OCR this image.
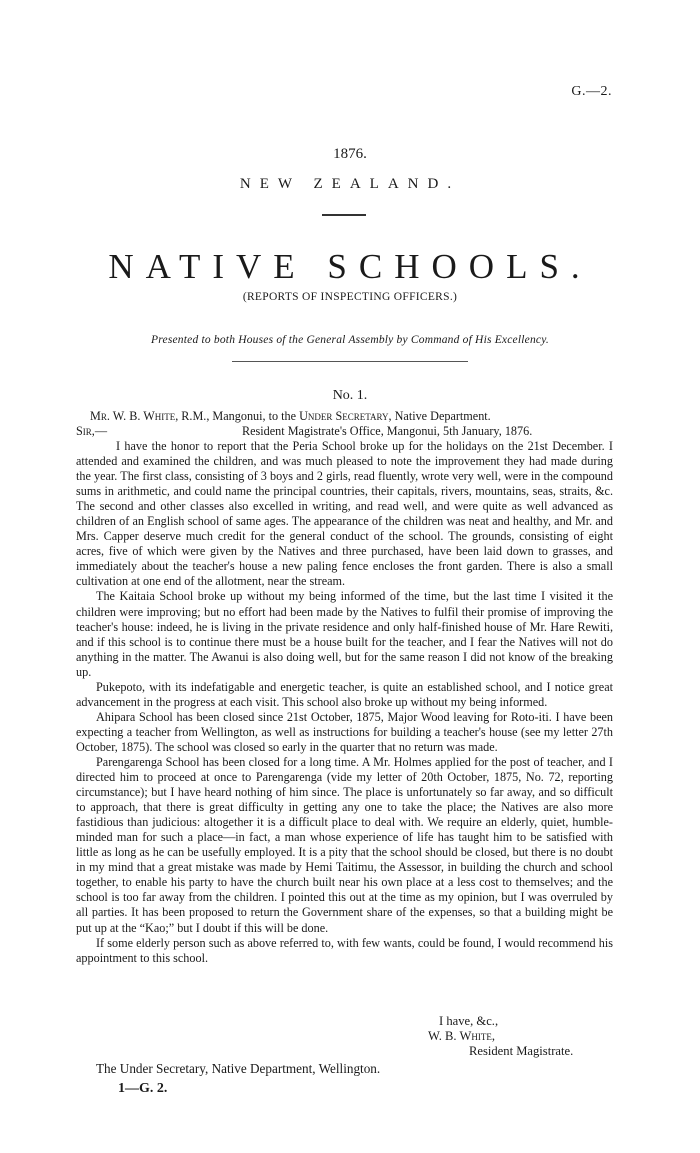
G.—2.
1876.
NEW ZEALAND.
NATIVE SCHOOLS.
(REPORTS OF INSPECTING OFFICERS.)
Presented to both Houses of the General Assembly by Command of His Excellency.
No. 1.
Mr. W. B. White, R.M., Mangonui, to the Under Secretary, Native Department.
Sir,—	Resident Magistrate's Office, Mangonui, 5th January, 1876.

I have the honor to report that the Peria School broke up for the holidays on the 21st December. I attended and examined the children, and was much pleased to note the improvement they had made during the year. The first class, consisting of 3 boys and 2 girls, read fluently, wrote very well, were in the compound sums in arithmetic, and could name the principal countries, their capitals, rivers, mountains, seas, straits, &c. The second and other classes also excelled in writing, and read well, and were quite as well advanced as children of an English school of same ages. The appearance of the children was neat and healthy, and Mr. and Mrs. Capper deserve much credit for the general conduct of the school. The grounds, consisting of eight acres, five of which were given by the Natives and three purchased, have been laid down to grasses, and immediately about the teacher's house a new paling fence encloses the front garden. There is also a small cultivation at one end of the allotment, near the stream.

The Kaitaia School broke up without my being informed of the time, but the last time I visited it the children were improving; but no effort had been made by the Natives to fulfil their promise of improving the teacher's house: indeed, he is living in the private residence and only half-finished house of Mr. Hare Rewiti, and if this school is to continue there must be a house built for the teacher, and I fear the Natives will not do anything in the matter. The Awanui is also doing well, but for the same reason I did not know of the breaking up.

Pukepoto, with its indefatigable and energetic teacher, is quite an established school, and I notice great advancement in the progress at each visit. This school also broke up without my being informed.

Ahipara School has been closed since 21st October, 1875, Major Wood leaving for Roto-iti. I have been expecting a teacher from Wellington, as well as instructions for building a teacher's house (see my letter 27th October, 1875). The school was closed so early in the quarter that no return was made.

Parengarenga School has been closed for a long time. A Mr. Holmes applied for the post of teacher, and I directed him to proceed at once to Parengarenga (vide my letter of 20th October, 1875, No. 72, reporting circumstance); but I have heard nothing of him since. The place is unfortunately so far away, and so difficult to approach, that there is great difficulty in getting any one to take the place; the Natives are also more fastidious than judicious: altogether it is a difficult place to deal with. We require an elderly, quiet, humble-minded man for such a place—in fact, a man whose experience of life has taught him to be satisfied with little as long as he can be usefully employed. It is a pity that the school should be closed, but there is no doubt in my mind that a great mistake was made by Hemi Taitimu, the Assessor, in building the church and school together, to enable his party to have the church built near his own place at a less cost to themselves; and the school is too far away from the children. I pointed this out at the time as my opinion, but I was overruled by all parties. It has been proposed to return the Government share of the expenses, so that a building might be put up at the “Kao;” but I doubt if this will be done.

If some elderly person such as above referred to, with few wants, could be found, I would recommend his appointment to this school.

I have, &c.,
W. B. White,
Resident Magistrate.
The Under Secretary, Native Department, Wellington.
1—G. 2.
